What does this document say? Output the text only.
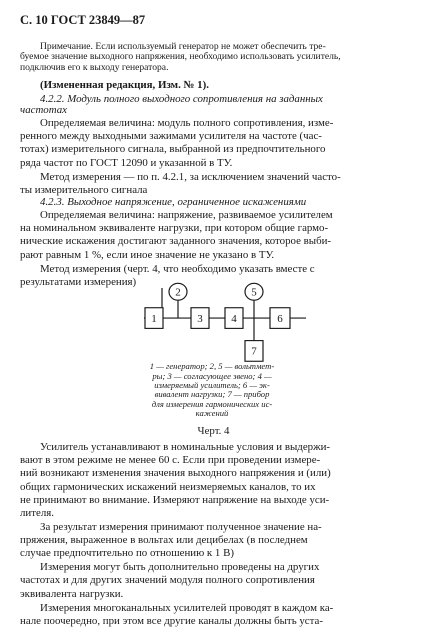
С. 10 ГОСТ 23849—87
Примечание. Если используемый генератор не может обеспечить тре-
буемое значение выходного напряжения, необходимо использовать усилитель,
подключив его к выходу генератора.
(Измененная редакция, Изм. № 1).
4.2.2. Модуль полного выходного сопротивления на заданных
частотах
Определяемая величина: модуль полного сопротивления, изме-
ренного между выходными зажимами усилителя на частоте (час-
тотах) измерительного сигнала, выбранной из предпочтительного
ряда частот по ГОСТ 12090 и указанной в ТУ.
Метод измерения — по п. 4.2.1, за исключением значений часто-
ты измерительного сигнала
4.2.3. Выходное напряжение, ограниченное искажениями
Определяемая величина: напряжение, развиваемое усилителем
на номинальном эквиваленте нагрузки, при котором общие гармо-
нические искажения достигают заданного значения, которое выби-
рают равным 1 %, если иное значение не указано в ТУ.
Метод измерения (черт. 4, что необходимо указать вместе с
результатами измерения)
1
2
3	4
5
6
7
1 — генератор; 2, 5 — вольтмет-
ры; 3 — согласующее звено; 4 —
измеряемый усилитель; 6 — эк-
вивалент нагрузки; 7 — прибор
для измерения гармонических ис-
кажений
Черт. 4
Усилитель устанавливают в номинальные условия и выдержи-
вают в этом режиме не менее 60 с. Если при проведении измере-
ний возникают изменения значения выходного напряжения и (или)
общих гармонических искажений неизмеряемых каналов, то их
не принимают во внимание. Измеряют напряжение на выходе уси-
лителя.
За результат измерения принимают полученное значение на-
пряжения, выраженное в вольтах или децибелах (в последнем
случае предпочтительно по отношению к 1 В)
Измерения могут быть дополнительно проведены на других
частотах и для других значений модуля полного сопротивления
эквивалента нагрузки.
Измерения многоканальных усилителей проводят в каждом ка-
нале поочередно, при этом все другие каналы должны быть уста-
